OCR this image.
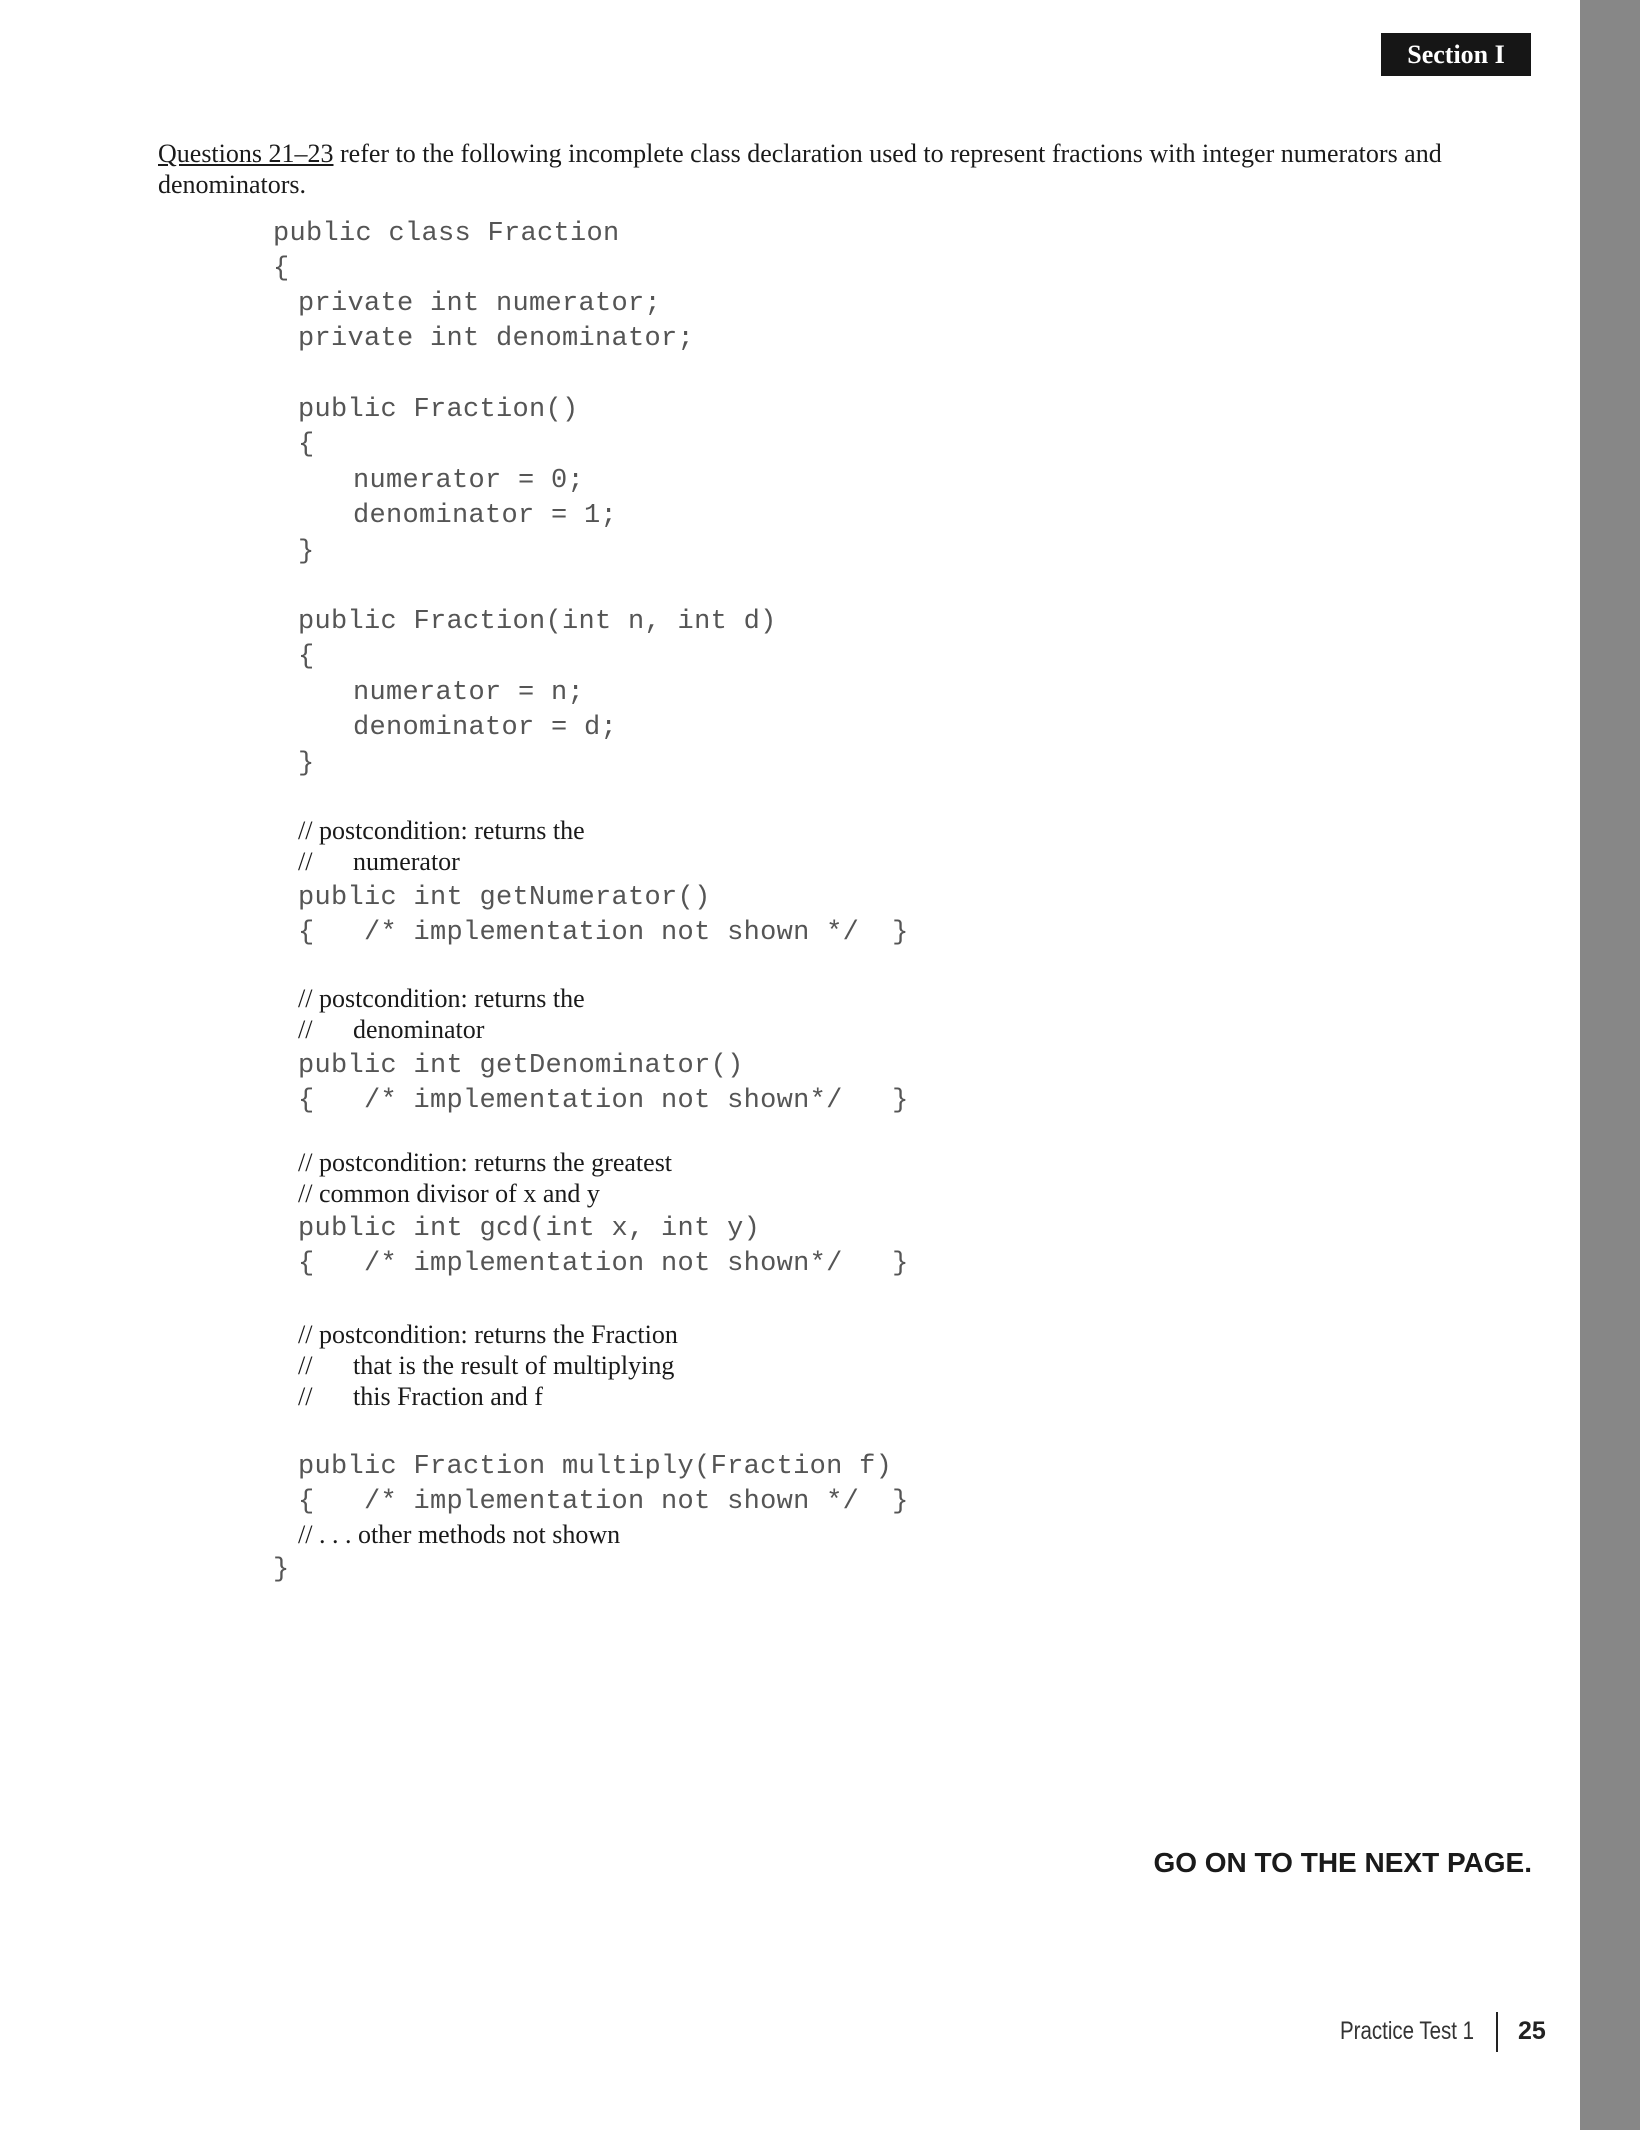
Section I
Questions 21–23 refer to the following incomplete class declaration used to represent fractions with integer numerators and denominators.
public class Fraction
{
private int numerator;
private int denominator;
public Fraction()
{
numerator = 0;
denominator = 1;
}
public Fraction(int n, int d)
{
numerator = n;
denominator = d;
}
// postcondition: returns the
// numerator
public int getNumerator()
{   /* implementation not shown */  }
// postcondition: returns the
// denominator
public int getDenominator()
{   /* implementation not shown*/   }
// postcondition: returns the greatest
// common divisor of x and y
public int gcd(int x, int y)
{   /* implementation not shown*/   }
// postcondition: returns the Fraction
// that is the result of multiplying
// this Fraction and f
public Fraction multiply(Fraction f)
{   /* implementation not shown */  }
// . . . other methods not shown
}
GO ON TO THE NEXT PAGE.
Practice Test 1 25
